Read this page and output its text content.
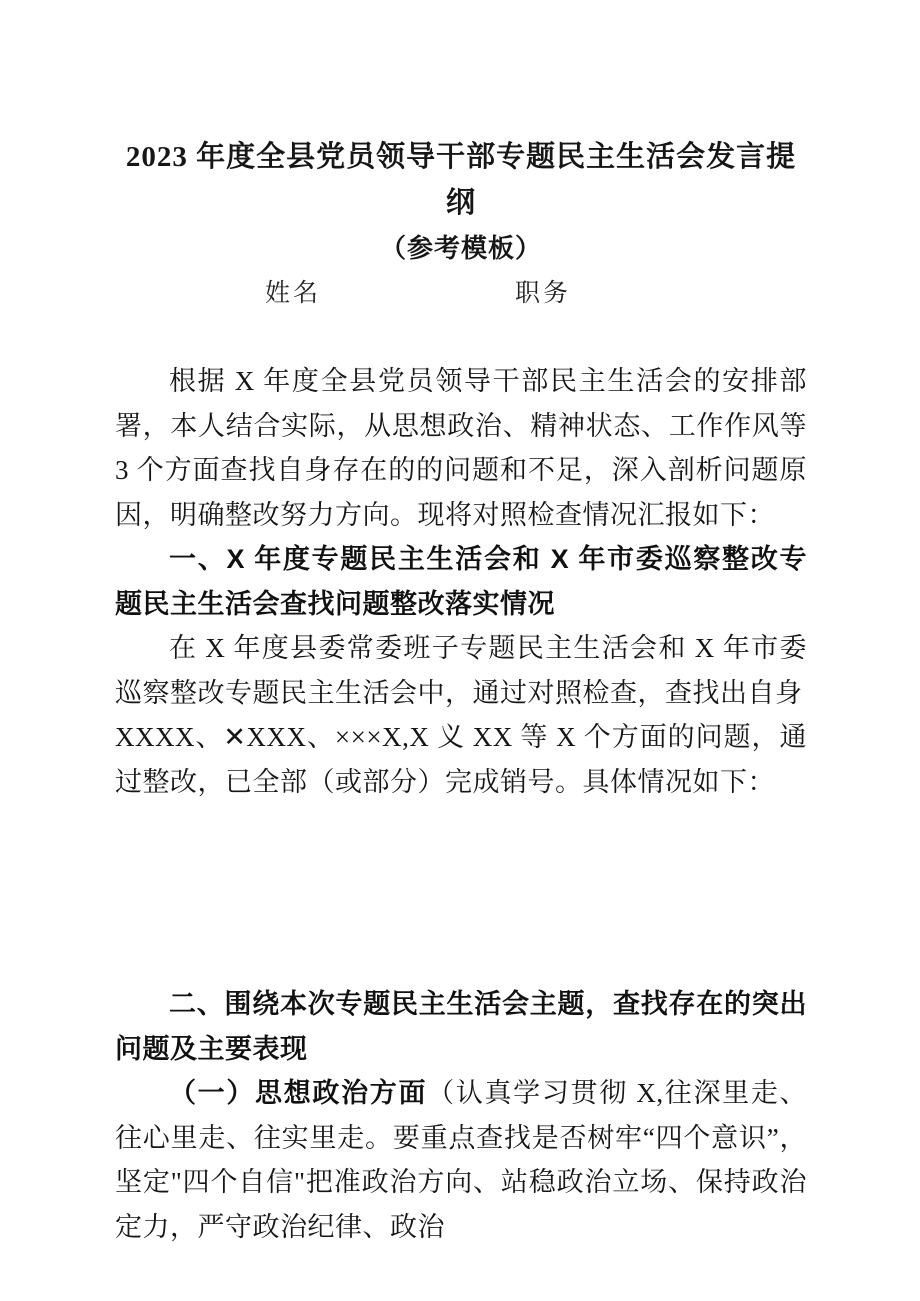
2023 年度全县党员领导干部专题民主生活会发言提纲
（参考模板）
姓名	职务

根据 X 年度全县党员领导干部民主生活会的安排部署，本人结合实际，从思想政治、精神状态、工作作风等 3 个方面查找自身存在的的问题和不足，深入剖析问题原因，明确整改努力方向。现将对照检查情况汇报如下：

一、X 年度专题民主生活会和 X 年市委巡察整改专题民主生活会查找问题整改落实情况

在 X 年度县委常委班子专题民主生活会和 X 年市委巡察整改专题民主生活会中，通过对照检查，查找出自身

XXXX、✕XXX、×××X,X 义 XX 等 X 个方面的问题，通过整改，已全部（或部分）完成销号。具体情况如下：

二、围绕本次专题民主生活会主题，查找存在的突出问题及主要表现

（一）思想政治方面（认真学习贯彻 X,往深里走、往心里走、往实里走。要重点查找是否树牢“四个意识”，坚定"四个自信"把准政治方向、站稳政治立场、保持政治定力，严守政治纪律、政治
